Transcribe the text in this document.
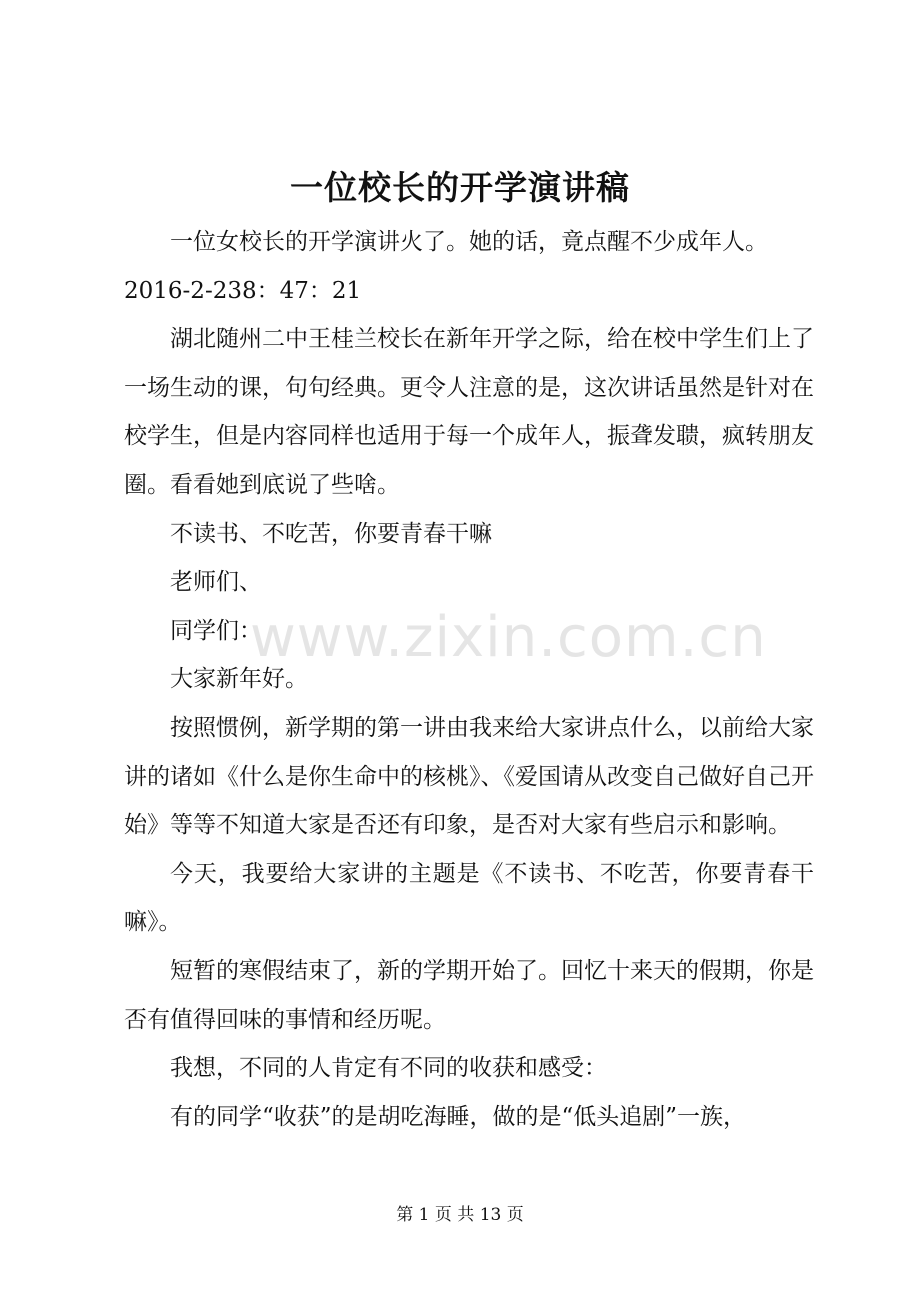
一位校长的开学演讲稿

一位女校长的开学演讲火了。她的话，竟点醒不少成年人。

2016-2-238：47：21

湖北随州二中王桂兰校长在新年开学之际，给在校中学生们上了一场生动的课，句句经典。更令人注意的是，这次讲话虽然是针对在校学生，但是内容同样也适用于每一个成年人，振聋发聩，疯转朋友圈。看看她到底说了些啥。

不读书、不吃苦，你要青春干嘛

老师们、

同学们：

大家新年好。

按照惯例，新学期的第一讲由我来给大家讲点什么，以前给大家讲的诸如《什么是你生命中的核桃》、《爱国请从改变自己做好自己开始》等等不知道大家是否还有印象，是否对大家有些启示和影响。

今天，我要给大家讲的主题是《不读书、不吃苦，你要青春干嘛》。

短暂的寒假结束了，新的学期开始了。回忆十来天的假期，你是否有值得回味的事情和经历呢。

我想，不同的人肯定有不同的收获和感受：

有的同学“收获”的是胡吃海睡，做的是“低头追剧”一族，

www.zixin.com.cn
第 1 页 共 13 页
